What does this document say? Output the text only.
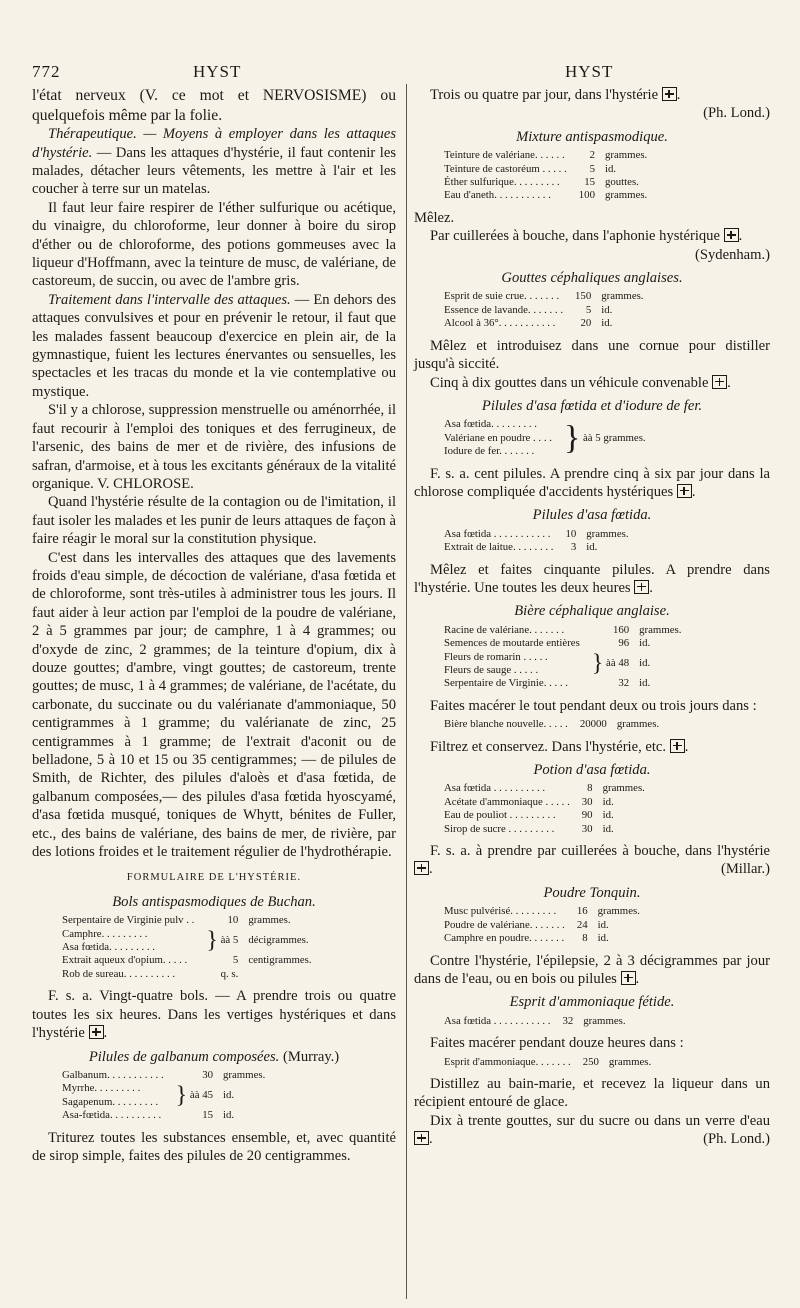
772	HYST	HYST

l'état nerveux (V. ce mot et NERVOSISME) ou quelquefois même par la folie.

Thérapeutique. — Moyens à employer dans les attaques d'hystérie. — Dans les attaques d'hystérie, il faut contenir les malades, détacher leurs vêtements, les mettre à l'air et les coucher à terre sur un matelas.

Il faut leur faire respirer de l'éther sulfurique ou acétique, du vinaigre, du chloroforme, leur donner à boire du sirop d'éther ou de chloroforme, des potions gommeuses avec la liqueur d'Hoffmann, avec la teinture de musc, de valériane, de castoreum, de succin, ou avec de l'ambre gris.

Traitement dans l'intervalle des attaques. — En dehors des attaques convulsives et pour en prévenir le retour, il faut que les malades fassent beaucoup d'exercice en plein air, de la gymnastique, fuient les lectures énervantes ou sensuelles, les spectacles et les tracas du monde et la vie contemplative ou mystique.

S'il y a chlorose, suppression menstruelle ou aménorrhée, il faut recourir à l'emploi des toniques et des ferrugineux, de l'arsenic, des bains de mer et de rivière, des infusions de safran, d'armoise, et à tous les excitants généraux de la vitalité organique. V. CHLOROSE.

Quand l'hystérie résulte de la contagion ou de l'imitation, il faut isoler les malades et les punir de leurs attaques de façon à faire réagir le moral sur la constitution physique.

C'est dans les intervalles des attaques que des lavements froids d'eau simple, de décoction de valériane, d'asa fœtida et de chloroforme, sont très-utiles à administrer tous les jours. Il faut aider à leur action par l'emploi de la poudre de valériane, 2 à 5 grammes par jour; de camphre, 1 à 4 grammes; ou d'oxyde de zinc, 2 grammes; de la teinture d'opium, dix à douze gouttes; d'ambre, vingt gouttes; de castoreum, trente gouttes; de musc, 1 à 4 grammes; de valériane, de l'acétate, du carbonate, du succinate ou du valérianate d'ammoniaque, 50 centigrammes à 1 gramme; du valérianate de zinc, 25 centigrammes à 1 gramme; de l'extrait d'aconit ou de belladone, 5 à 10 et 15 ou 35 centigrammes; — de pilules de Smith, de Richter, des pilules d'aloès et d'asa fœtida, de galbanum composées,— des pilules d'asa fœtida hyoscyamé, d'asa fœtida musqué, toniques de Whytt, bénites de Fuller, etc., des bains de valériane, des bains de mer, de rivière, par des lotions froides et le traitement régulier de l'hydrothérapie.

FORMULAIRE DE L'HYSTÉRIE.
Bols antispasmodiques de Buchan.
Serpentaire de Virginie pulv . .	10	grammes.
Camphre. . . . . . . . .
Asa fœtida. . . . . . . . .	} àà 5	décigrammes.
Extrait aqueux d'opium. . . . .	5	centigrammes.
Rob de sureau. . . . . . . . . .	q. s.	

F. s. a. Vingt-quatre bols. — A prendre trois ou quatre toutes les six heures. Dans les vertiges hystériques et dans l'hystérie .

Pilules de galbanum composées. (Murray.)
Galbanum. . . . . . . . . . .	30	grammes.
Myrrhe. . . . . . . . .
Sagapenum. . . . . . . . .	} àà 45	id.
Asa-fœtida. . . . . . . . . .	15	id.

Triturez toutes les substances ensemble, et, avec quantité de sirop simple, faites des pilules de 20 centigrammes.

Trois ou quatre par jour, dans l'hystérie .

(Ph. Lond.)

Mixture antispasmodique.
Teinture de valériane. . . . . .	2	grammes.
Teinture de castoréum . . . . .	5	id.
Éther sulfurique. . . . . . . . .	15	gouttes.
Eau d'aneth. . . . . . . . . . .	100	grammes.

Mêlez.

Par cuillerées à bouche, dans l'aphonie hystérique .
(Sydenham.)

Gouttes céphaliques anglaises.
Esprit de suie crue. . . . . . .	150	grammes.
Essence de lavande. . . . . . .	5	id.
Alcool à 36°. . . . . . . . . . .	20	id.

Mêlez et introduisez dans une cornue pour distiller jusqu'à siccité.

Cinq à dix gouttes dans un véhicule convenable .

Pilules d'asa fœtida et d'iodure de fer.
Asa fœtida. . . . . . . . .
Valériane en poudre . . . .
Iodure de fer. . . . . . .	} àà 5 grammes.

F. s. a. cent pilules. A prendre cinq à six par jour dans la chlorose compliquée d'accidents hystériques .

Pilules d'asa fœtida.
Asa fœtida . . . . . . . . . . .	10	grammes.
Extrait de laitue. . . . . . . .	3	id.

Mêlez et faites cinquante pilules. A prendre dans l'hystérie. Une toutes les deux heures .

Bière céphalique anglaise.
Racine de valériane. . . . . . .	160	grammes.
Semences de moutarde entières	96	id.
Fleurs de romarin . . . . .
Fleurs de sauge . . . . .	} àà 48	id.
Serpentaire de Virginie. . . . .	32	id.

Faites macérer le tout pendant deux ou trois jours dans :

Bière blanche nouvelle. . . . .	20000	grammes.

Filtrez et conservez. Dans l'hystérie, etc. .

Potion d'asa fœtida.
Asa fœtida . . . . . . . . . .	8	grammes.
Acétate d'ammoniaque . . . . .	30	id.
Eau de pouliot . . . . . . . . .	90	id.
Sirop de sucre . . . . . . . . .	30	id.

F. s. a. à prendre par cuillerées à bouche, dans l'hystérie .	(Millar.)

Poudre Tonquin.
Musc pulvérisé. . . . . . . . .	16	grammes.
Poudre de valériane. . . . . . .	24	id.
Camphre en poudre. . . . . . .	8	id.

Contre l'hystérie, l'épilepsie, 2 à 3 décigrammes par jour dans de l'eau, ou en bois ou pilules .

Esprit d'ammoniaque fétide.
Asa fœtida . . . . . . . . . . .	32	grammes.

Faites macérer pendant douze heures dans :

Esprit d'ammoniaque. . . . . . .	250	grammes.

Distillez au bain-marie, et recevez la liqueur dans un récipient entouré de glace.

Dix à trente gouttes, sur du sucre ou dans un verre d'eau .	(Ph. Lond.)
